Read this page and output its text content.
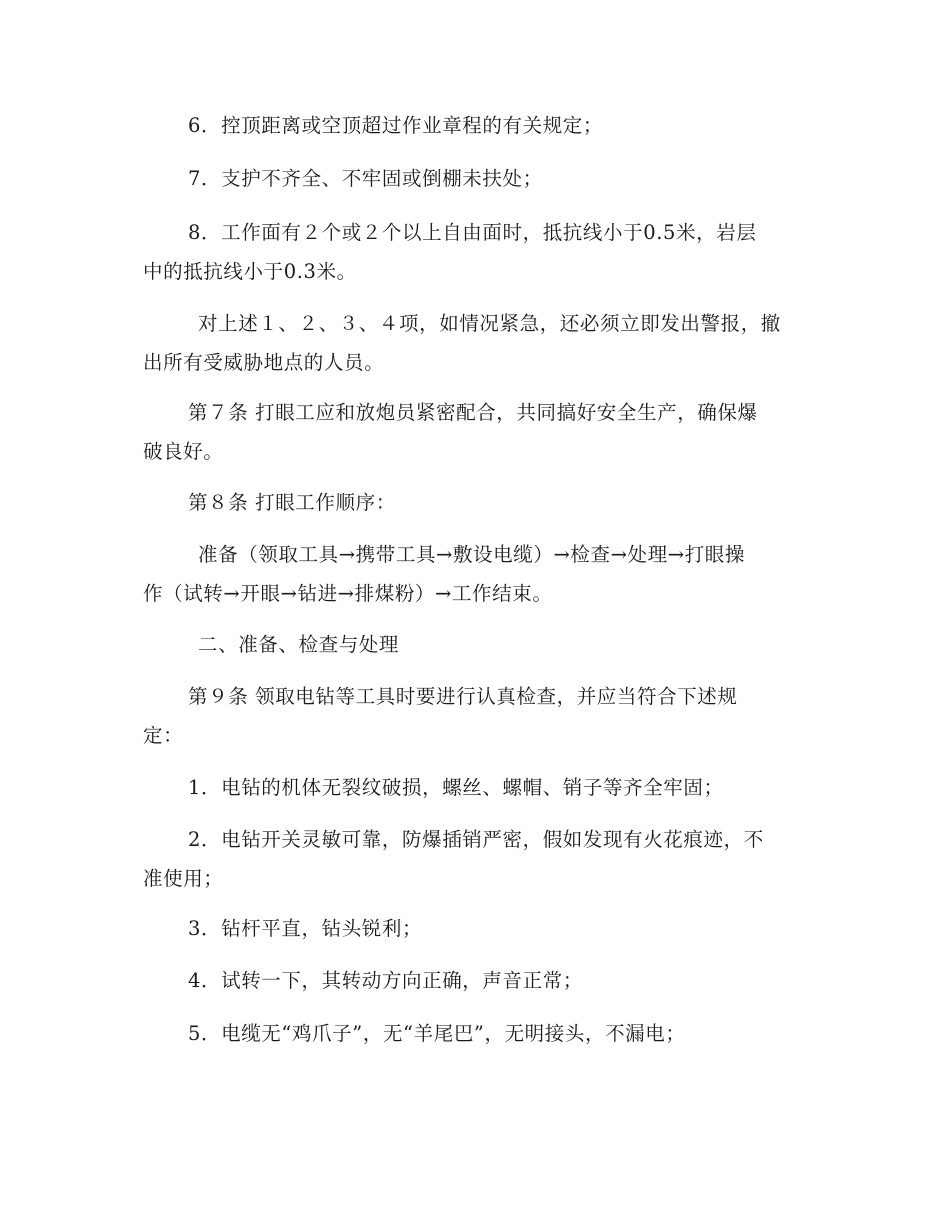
6．控顶距离或空顶超过作业章程的有关规定；

7．支护不齐全、不牢固或倒棚未扶处；

8．工作面有２个或２个以上自由面时，抵抗线小于0.5米，岩层
中的抵抗线小于0.3米。

对上述１、２、３、４项，如情况紧急，还必须立即发出警报，撤
出所有受威胁地点的人员。

第７条 打眼工应和放炮员紧密配合，共同搞好安全生产，确保爆
破良好。

第８条 打眼工作顺序：

准备（领取工具→携带工具→敷设电缆）→检查→处理→打眼操
作（试转→开眼→钻进→排煤粉）→工作结束。

二、准备、检查与处理

第９条 领取电钻等工具时要进行认真检查，并应当符合下述规
定：

1．电钻的机体无裂纹破损，螺丝、螺帽、销子等齐全牢固；

2．电钻开关灵敏可靠，防爆插销严密，假如发现有火花痕迹，不
准使用；

3．钻杆平直，钻头锐利；

4．试转一下，其转动方向正确，声音正常；

5．电缆无“鸡爪子”，无“羊尾巴”，无明接头，不漏电；
